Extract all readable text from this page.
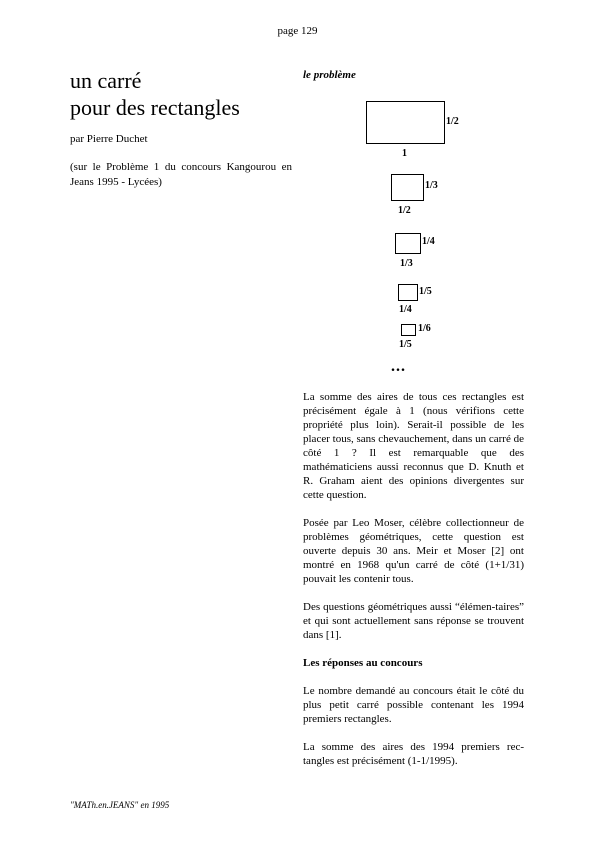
page 129
un carré
pour des rectangles
par Pierre Duchet
(sur le Problème 1 du concours Kangourou en Jeans 1995 - Lycées)
le problème
1/2
1
1/3
1/2
1/4
1/3
1/5
1/4
1/6
1/5
...
La somme des aires de tous ces rectangles est précisément égale à 1 (nous vérifions cette propriété plus loin). Serait-il possible de les placer tous, sans chevauchement, dans un carré de côté 1 ? Il est remarquable que des mathématiciens aussi reconnus que D. Knuth et R. Graham aient des opinions divergentes sur cette question.
Posée par Leo Moser, célèbre collectionneur de problèmes géométriques, cette question est ouverte depuis 30 ans. Meir et Moser [2] ont montré en 1968 qu'un carré de côté (1+1/31) pouvait les contenir tous.
Des questions géométriques aussi “élémen-taires” et qui sont actuellement sans réponse se trouvent dans [1].
Les réponses au concours
Le nombre demandé au concours était le côté du plus petit carré possible contenant les 1994 premiers rectangles.
La somme des aires des 1994 premiers rec-tangles est précisément (1-1/1995).
"MATh.en.JEANS" en 1995
